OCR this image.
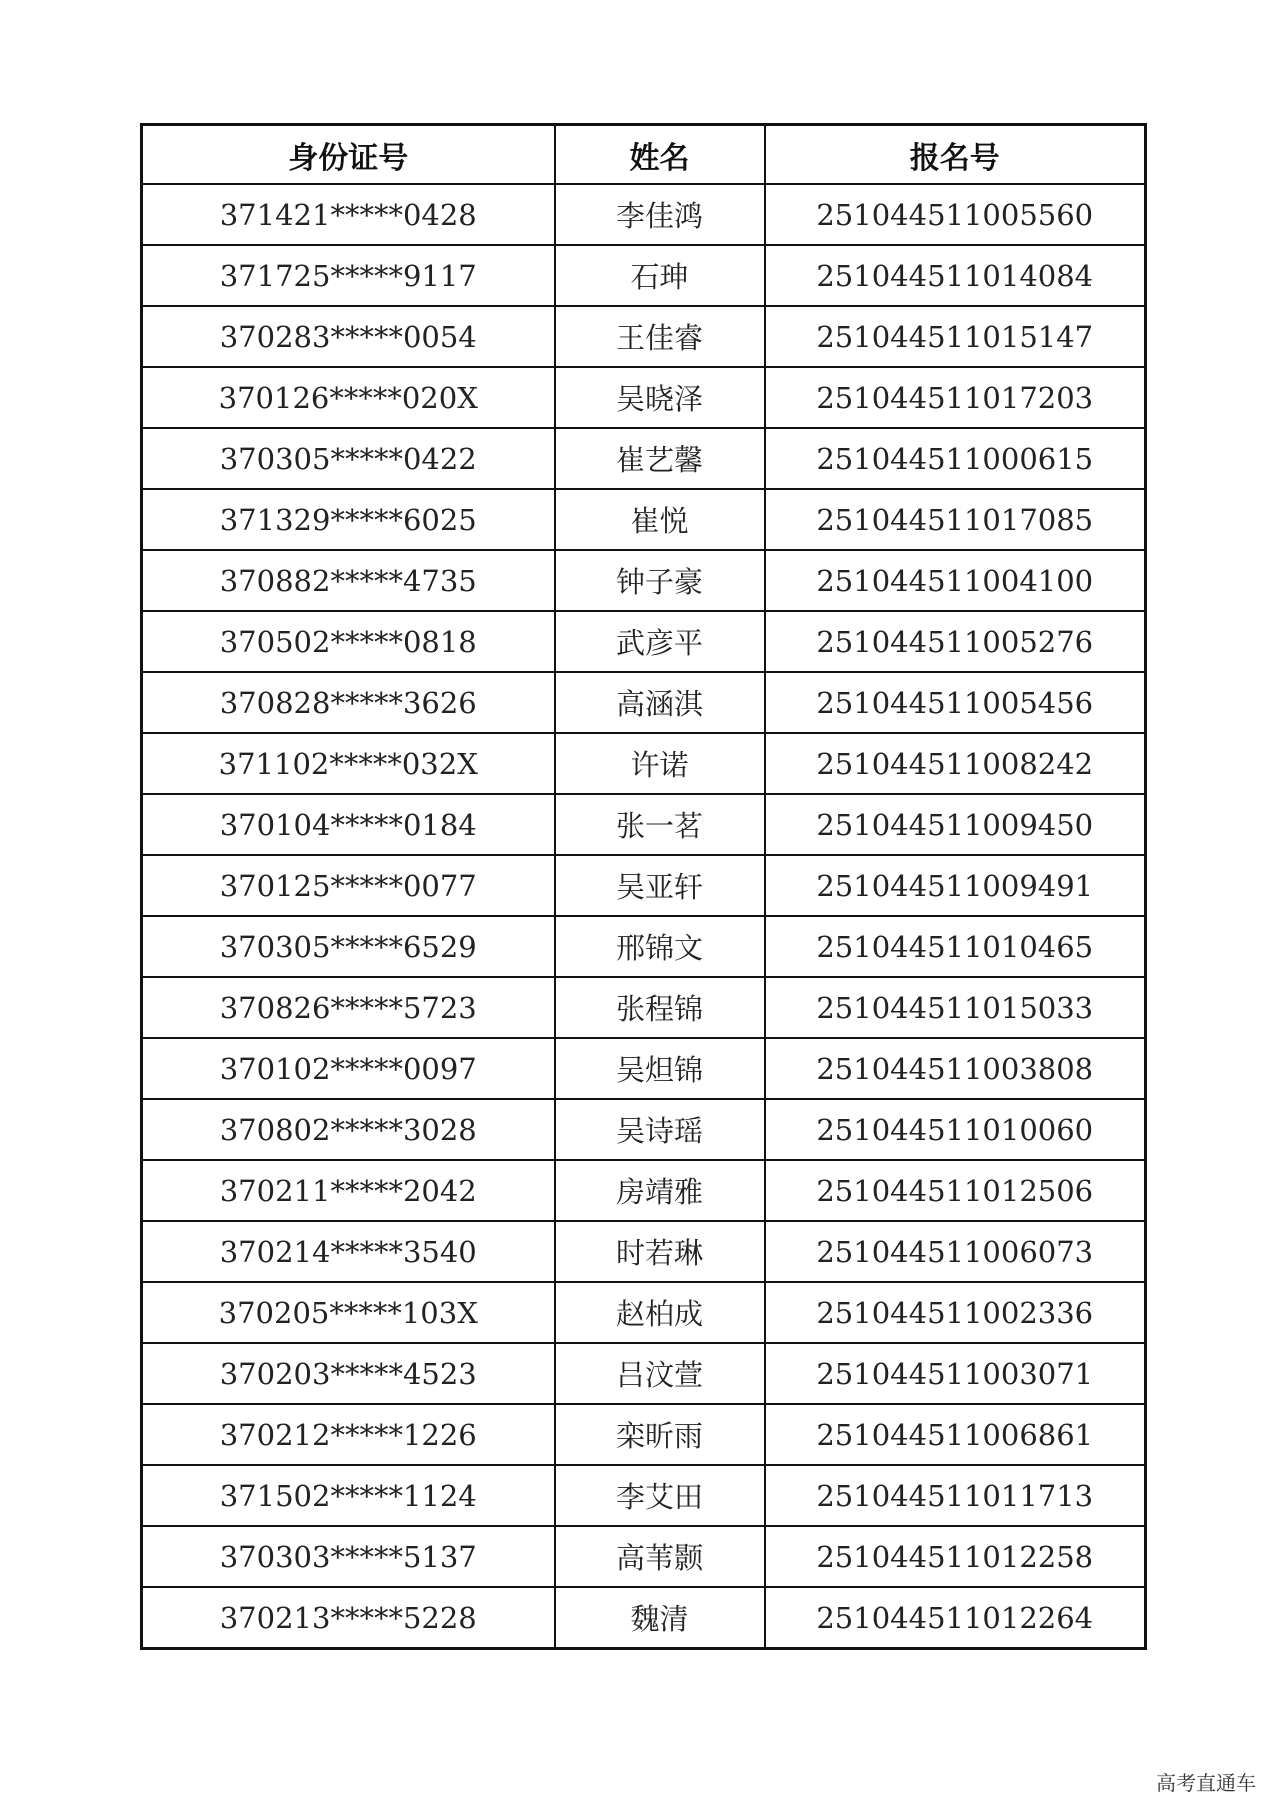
身份证号	姓名	报名号
371421*****0428	李佳鸿	251044511005560
371725*****9117	石珅	251044511014084
370283*****0054	王佳睿	251044511015147
370126*****020X	吴晓泽	251044511017203
370305*****0422	崔艺馨	251044511000615
371329*****6025	崔悦	251044511017085
370882*****4735	钟子豪	251044511004100
370502*****0818	武彦平	251044511005276
370828*****3626	高涵淇	251044511005456
371102*****032X	许诺	251044511008242
370104*****0184	张一茗	251044511009450
370125*****0077	吴亚轩	251044511009491
370305*****6529	邢锦文	251044511010465
370826*****5723	张程锦	251044511015033
370102*****0097	吴炟锦	251044511003808
370802*****3028	吴诗瑶	251044511010060
370211*****2042	房靖雅	251044511012506
370214*****3540	时若琳	251044511006073
370205*****103X	赵柏成	251044511002336
370203*****4523	吕汶萱	251044511003071
370212*****1226	栾昕雨	251044511006861
371502*****1124	李艾田	251044511011713
370303*****5137	高苇颢	251044511012258
370213*****5228	魏清	251044511012264
高考直通车
